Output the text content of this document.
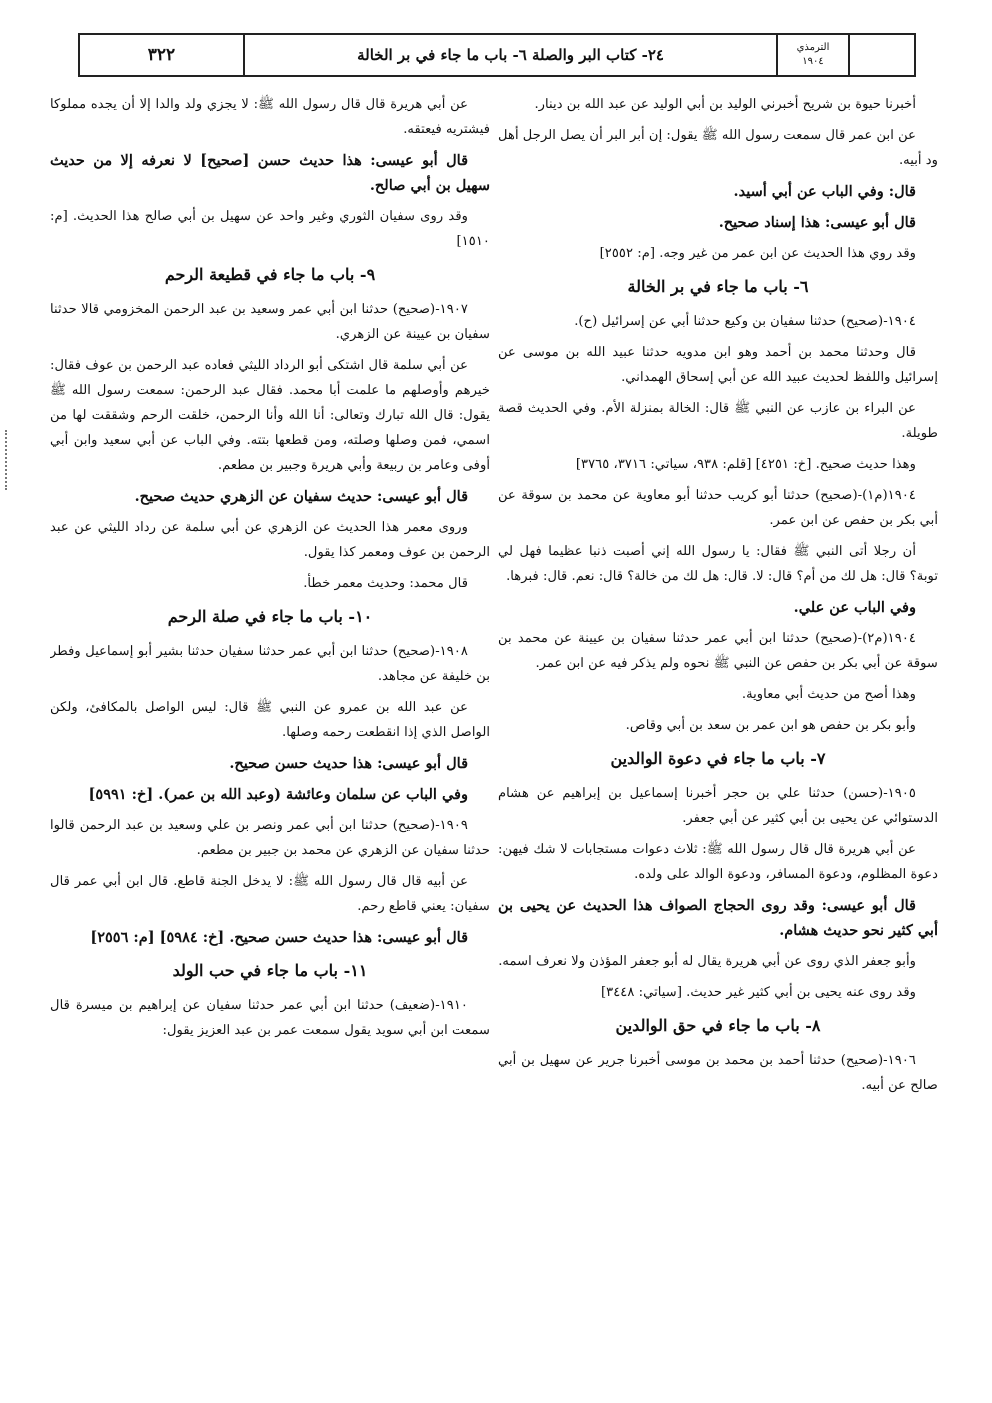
٣٢٢	٢٤- كتاب البر والصلة ٦- باب ما جاء في بر الخالة	الترمذي
١٩٠٤

أخبرنا حيوة بن شريح أخبرني الوليد بن أبي الوليد عن عبد الله بن دينار.

عن ابن عمر قال سمعت رسول الله ﷺ يقول: إن أبر البر أن يصل الرجل أهل ود أبيه.

قال: وفي الباب عن أبي أسيد.

قال أبو عيسى: هذا إسناد صحيح.

وقد روي هذا الحديث عن ابن عمر من غير وجه. [م: ٢٥٥٢]

٦- باب ما جاء في بر الخالة

١٩٠٤-(صحيح) حدثنا سفيان بن وكيع حدثنا أبي عن إسرائيل (ح).

قال وحدثنا محمد بن أحمد وهو ابن مدويه حدثنا عبيد الله بن موسى عن إسرائيل واللفظ لحديث عبيد الله عن أبي إسحاق الهمداني.

عن البراء بن عازب عن النبي ﷺ قال: الخالة بمنزلة الأم. وفي الحديث قصة طويلة.

وهذا حديث صحيح. [خ: ٤٢٥١] [قلم: ٩٣٨، سياتي: ٣٧١٦، ٣٧٦٥]

١٩٠٤(م١)-(صحيح) حدثنا أبو كريب حدثنا أبو معاوية عن محمد بن سوقة عن أبي بكر بن حفص عن ابن عمر.

أن رجلا أتى النبي ﷺ فقال: يا رسول الله إني أصبت ذنبا عظيما فهل لي توبة؟ قال: هل لك من أم؟ قال: لا. قال: هل لك من خالة؟ قال: نعم. قال: فبرها.

وفي الباب عن علي.

١٩٠٤(م٢)-(صحيح) حدثنا ابن أبي عمر حدثنا سفيان بن عيينة عن محمد بن سوقة عن أبي بكر بن حفص عن النبي ﷺ نحوه ولم يذكر فيه عن ابن عمر.

وهذا أصح من حديث أبي معاوية.

وأبو بكر بن حفص هو ابن عمر بن سعد بن أبي وقاص.

٧- باب ما جاء في دعوة الوالدين

١٩٠٥-(حسن) حدثنا علي بن حجر أخبرنا إسماعيل بن إبراهيم عن هشام الدستوائي عن يحيى بن أبي كثير عن أبي جعفر.

عن أبي هريرة قال قال رسول الله ﷺ: ثلاث دعوات مستجابات لا شك فيهن: دعوة المظلوم، ودعوة المسافر، ودعوة الوالد على ولده.

قال أبو عيسى: وقد روى الحجاج الصواف هذا الحديث عن يحيى بن أبي كثير نحو حديث هشام.

وأبو جعفر الذي روى عن أبي هريرة يقال له أبو جعفر المؤذن ولا نعرف اسمه.

وقد روى عنه يحيى بن أبي كثير غير حديث. [سياتي: ٣٤٤٨]

٨- باب ما جاء في حق الوالدين

١٩٠٦-(صحيح) حدثنا أحمد بن محمد بن موسى أخبرنا جرير عن سهيل بن أبي صالح عن أبيه.

عن أبي هريرة قال قال رسول الله ﷺ: لا يجزي ولد والدا إلا أن يجده مملوكا فيشتريه فيعتقه.

قال أبو عيسى: هذا حديث حسن [صحيح] لا نعرفه إلا من حديث سهيل بن أبي صالح.

وقد روى سفيان الثوري وغير واحد عن سهيل بن أبي صالح هذا الحديث. [م: ١٥١٠]

٩- باب ما جاء في قطيعة الرحم

١٩٠٧-(صحيح) حدثنا ابن أبي عمر وسعيد بن عبد الرحمن المخزومي قالا حدثنا سفيان بن عيينة عن الزهري.

عن أبي سلمة قال اشتكى أبو الرداد الليثي فعاده عبد الرحمن بن عوف فقال: خيرهم وأوصلهم ما علمت أبا محمد. فقال عبد الرحمن: سمعت رسول الله ﷺ يقول: قال الله تبارك وتعالى: أنا الله وأنا الرحمن، خلقت الرحم وشققت لها من اسمي، فمن وصلها وصلته، ومن قطعها بتته. وفي الباب عن أبي سعيد وابن أبي أوفى وعامر بن ربيعة وأبي هريرة وجبير بن مطعم.

قال أبو عيسى: حديث سفيان عن الزهري حديث صحيح.

وروى معمر هذا الحديث عن الزهري عن أبي سلمة عن رداد الليثي عن عبد الرحمن بن عوف ومعمر كذا يقول.

قال محمد: وحديث معمر خطأ.

١٠- باب ما جاء في صلة الرحم

١٩٠٨-(صحيح) حدثنا ابن أبي عمر حدثنا سفيان حدثنا بشير أبو إسماعيل وفطر بن خليفة عن مجاهد.

عن عبد الله بن عمرو عن النبي ﷺ قال: ليس الواصل بالمكافئ، ولكن الواصل الذي إذا انقطعت رحمه وصلها.

قال أبو عيسى: هذا حديث حسن صحيح.

وفي الباب عن سلمان وعائشة (وعبد الله بن عمر). [خ: ٥٩٩١]

١٩٠٩-(صحيح) حدثنا ابن أبي عمر ونصر بن علي وسعيد بن عبد الرحمن قالوا حدثنا سفيان عن الزهري عن محمد بن جبير بن مطعم.

عن أبيه قال قال رسول الله ﷺ: لا يدخل الجنة قاطع. قال ابن أبي عمر قال سفيان: يعني قاطع رحم.

قال أبو عيسى: هذا حديث حسن صحيح. [خ: ٥٩٨٤] [م: ٢٥٥٦]

١١- باب ما جاء في حب الولد

١٩١٠-(ضعيف) حدثنا ابن أبي عمر حدثنا سفيان عن إبراهيم بن ميسرة قال سمعت ابن أبي سويد يقول سمعت عمر بن عبد العزيز يقول:
